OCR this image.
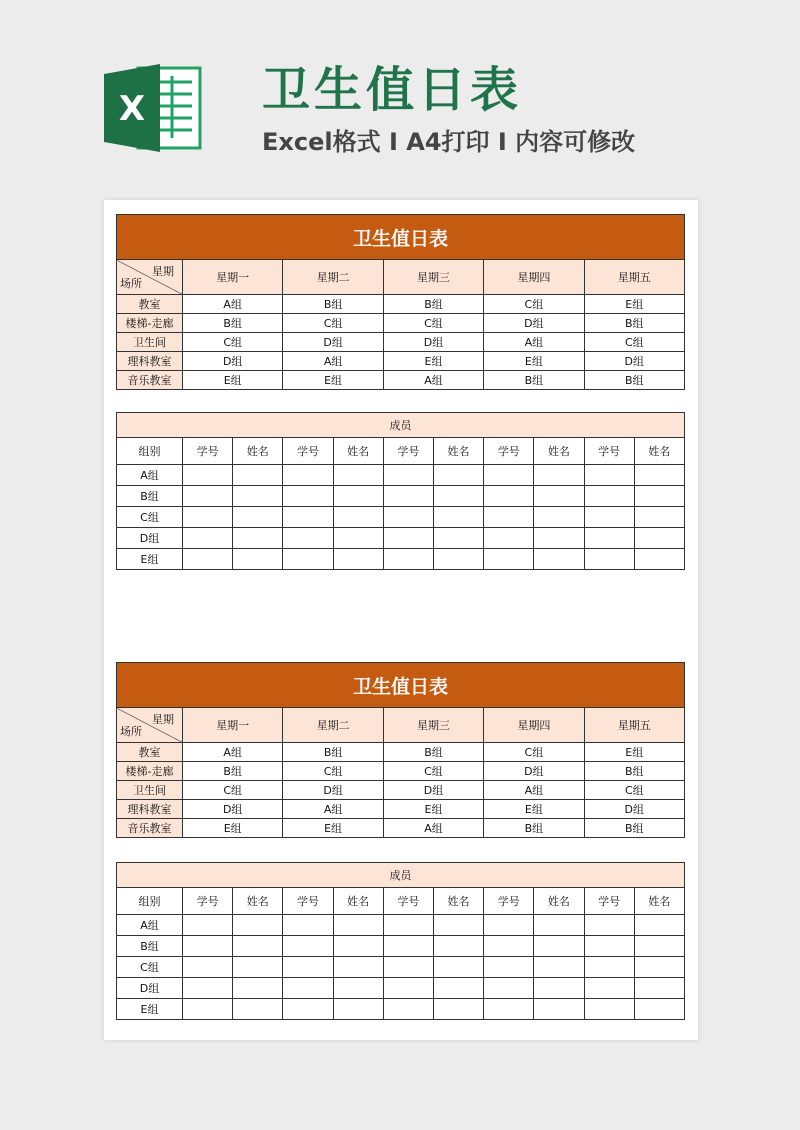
X 卫生值日表
Excel格式 I A4打印 I 内容可修改
卫生值日表					

星期
场所	星期一	星期二	星期三	星期四	星期五
教室	A组	B组	B组	C组	E组
楼梯-走廊	B组	C组	C组	D组	B组
卫生间	C组	D组	D组	A组	C组
理科教室	D组	A组	E组	E组	D组
音乐教室	E组	E组	A组	B组	B组
成员										
组别	学号	姓名	学号	姓名	学号	姓名	学号	姓名	学号	姓名
A组										
B组										
C组										
D组										
E组										
卫生值日表					

星期
场所	星期一	星期二	星期三	星期四	星期五
教室	A组	B组	B组	C组	E组
楼梯-走廊	B组	C组	C组	D组	B组
卫生间	C组	D组	D组	A组	C组
理科教室	D组	A组	E组	E组	D组
音乐教室	E组	E组	A组	B组	B组
成员										
组别	学号	姓名	学号	姓名	学号	姓名	学号	姓名	学号	姓名
A组										
B组										
C组										
D组										
E组										
